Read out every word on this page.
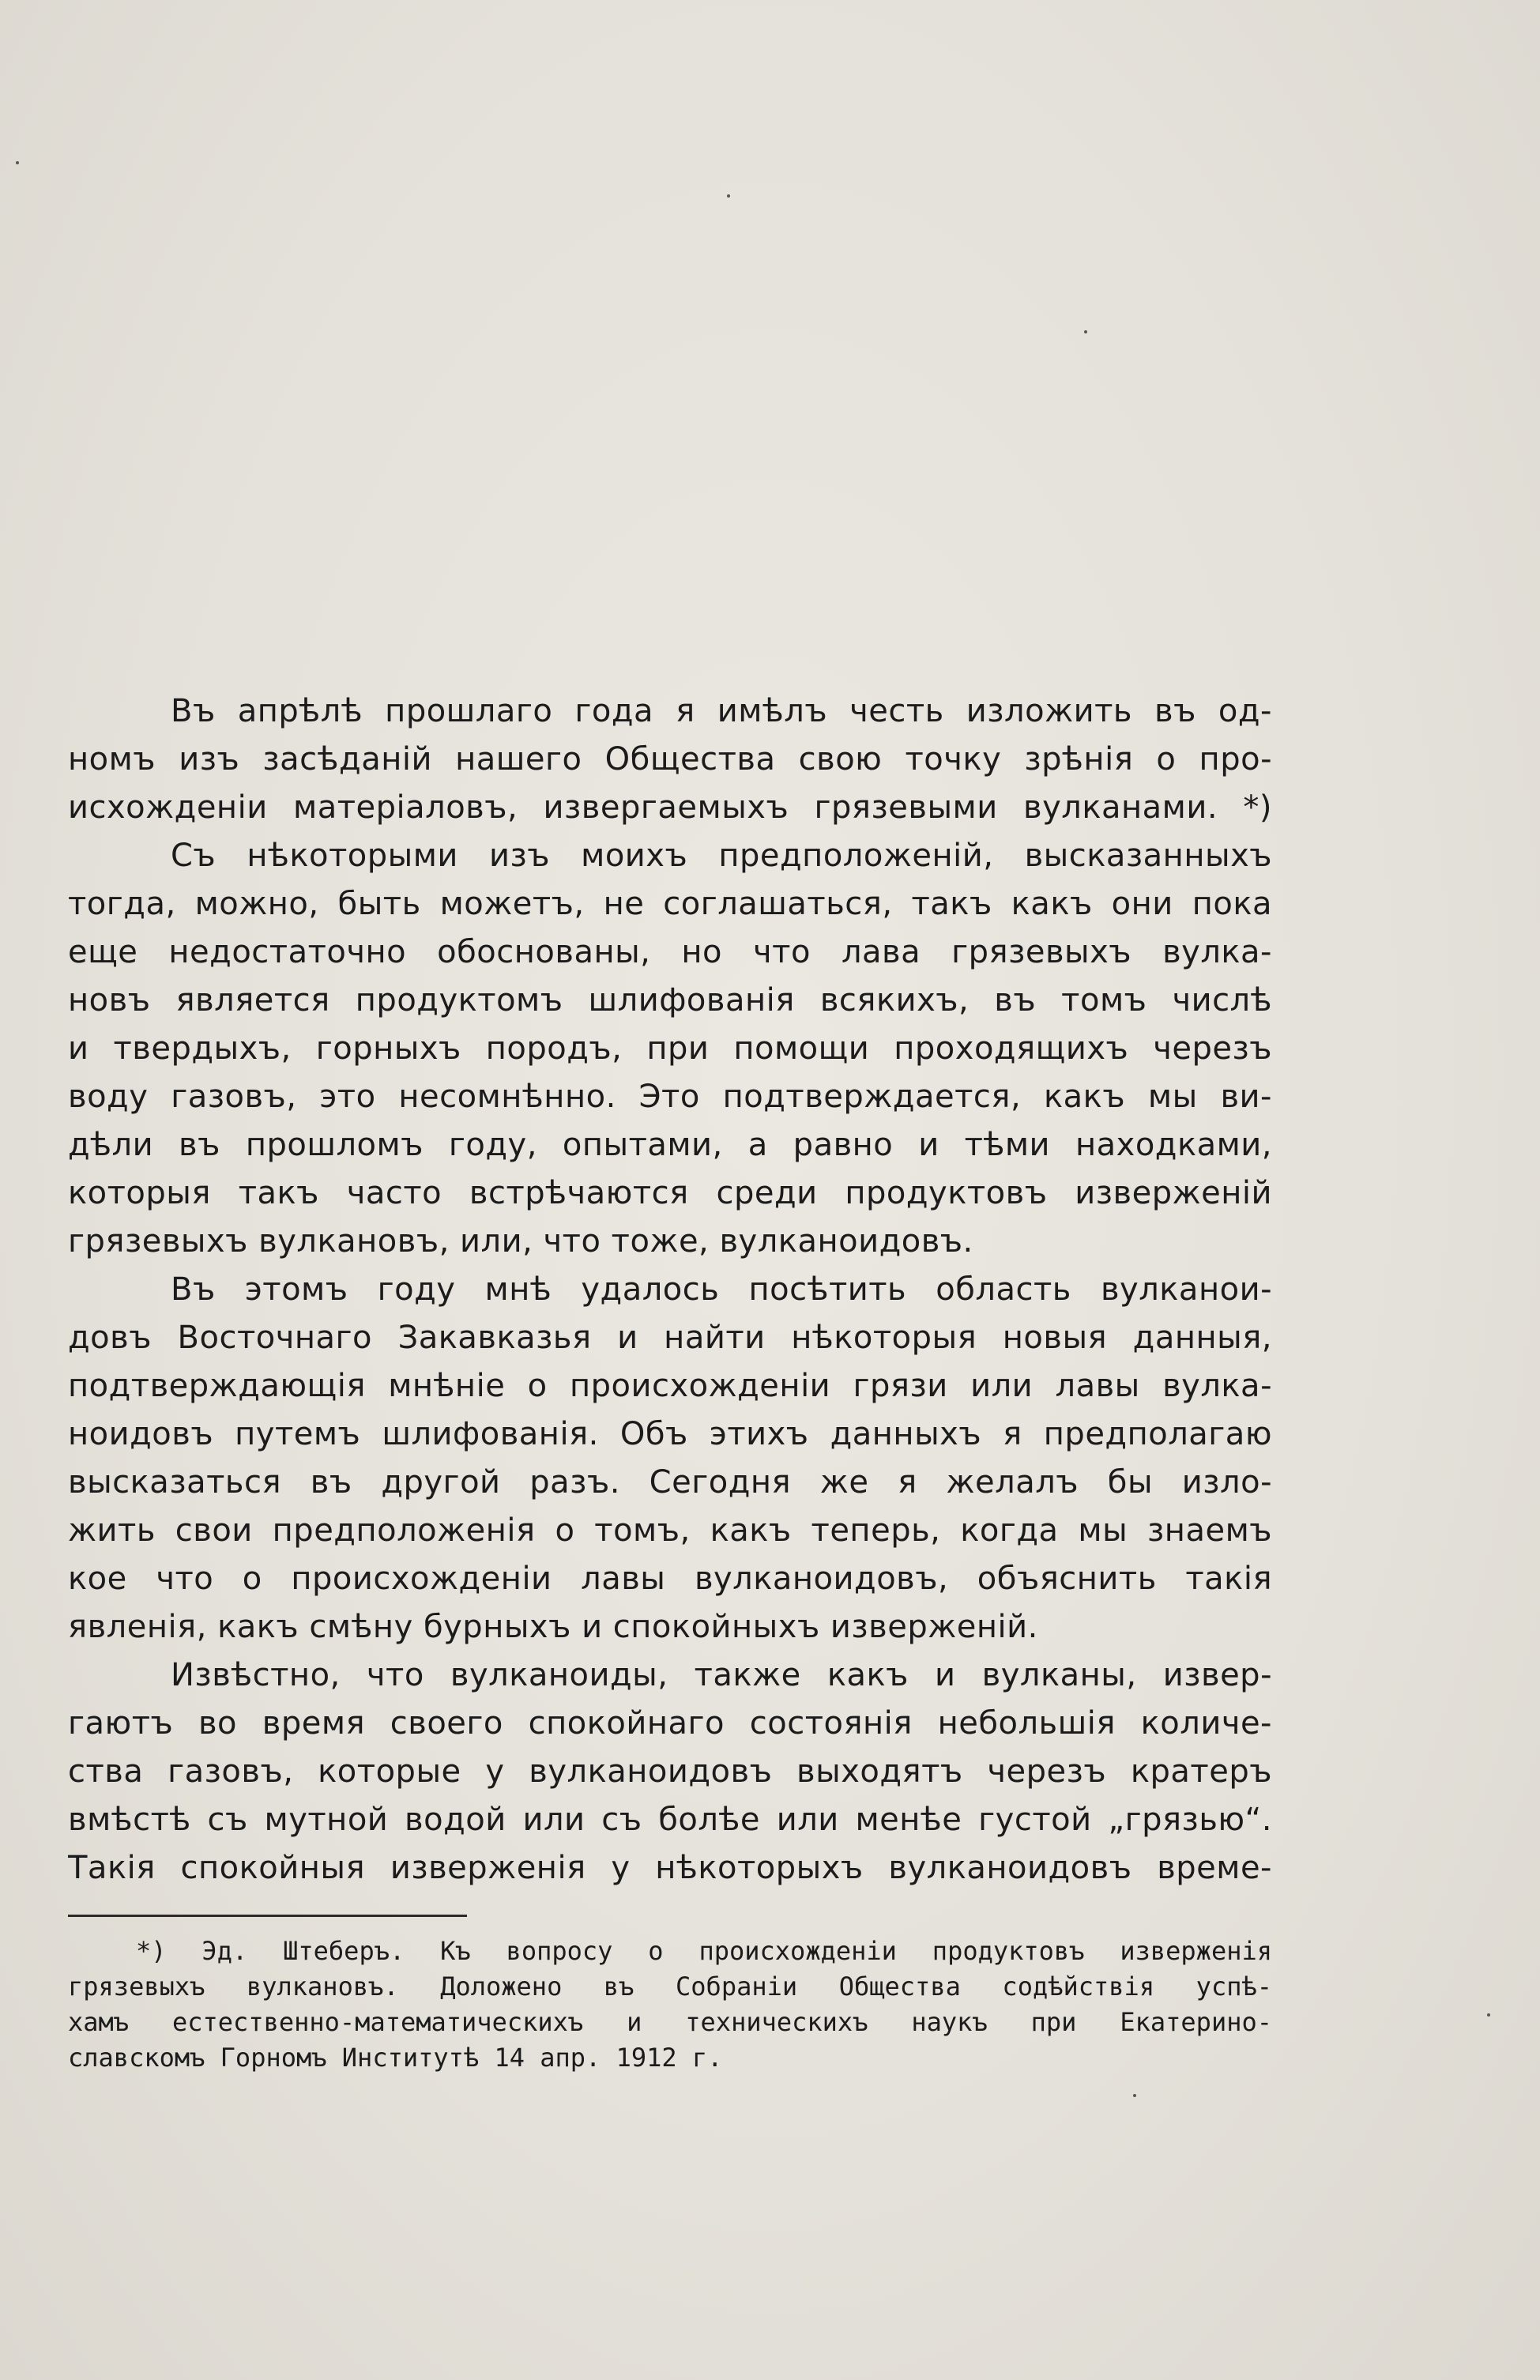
Въ апрѣлѣ прошлаго года я имѣлъ честь изложить въ од-
номъ изъ засѣданій нашего Общества свою точку зрѣнія о про-
исхожденіи матеріаловъ, извергаемыхъ грязевыми вулканами. *)
Съ нѣкоторыми изъ моихъ предположеній, высказанныхъ
тогда, можно, быть можетъ, не соглашаться, такъ какъ они пока
еще недостаточно обоснованы, но что лава грязевыхъ вулка-
новъ является продуктомъ шлифованія всякихъ, въ томъ числѣ
и твердыхъ, горныхъ породъ, при помощи проходящихъ черезъ
воду газовъ, это несомнѣнно. Это подтверждается, какъ мы ви-
дѣли въ прошломъ году, опытами, а равно и тѣми находками,
которыя такъ часто встрѣчаются среди продуктовъ изверженій
грязевыхъ вулкановъ, или, что тоже, вулканоидовъ.
Въ этомъ году мнѣ удалось посѣтить область вулканои-
довъ Восточнаго Закавказья и найти нѣкоторыя новыя данныя,
подтверждающія мнѣніе о происхожденіи грязи или лавы вулка-
ноидовъ путемъ шлифованія. Объ этихъ данныхъ я предполагаю
высказаться въ другой разъ. Сегодня же я желалъ бы изло-
жить свои предположенія о томъ, какъ теперь, когда мы знаемъ
кое что о происхожденіи лавы вулканоидовъ, объяснить такія
явленія, какъ смѣну бурныхъ и спокойныхъ изверженій.
Извѣстно, что вулканоиды, также какъ и вулканы, извер-
гаютъ во время своего спокойнаго состоянія небольшія количе-
ства газовъ, которые у вулканоидовъ выходятъ черезъ кратеръ
вмѣстѣ съ мутной водой или съ болѣе или менѣе густой „грязью“.
Такія спокойныя изверженія у нѣкоторыхъ вулканоидовъ време-
*) Эд. Штеберъ. Къ вопросу о происхожденіи продуктовъ изверженія
грязевыхъ вулкановъ. Доложено въ Собраніи Общества содѣйствія успѣ-
хамъ естественно-математическихъ и техническихъ наукъ при Екатерино-
славскомъ Горномъ Институтѣ 14 апр. 1912 г.
